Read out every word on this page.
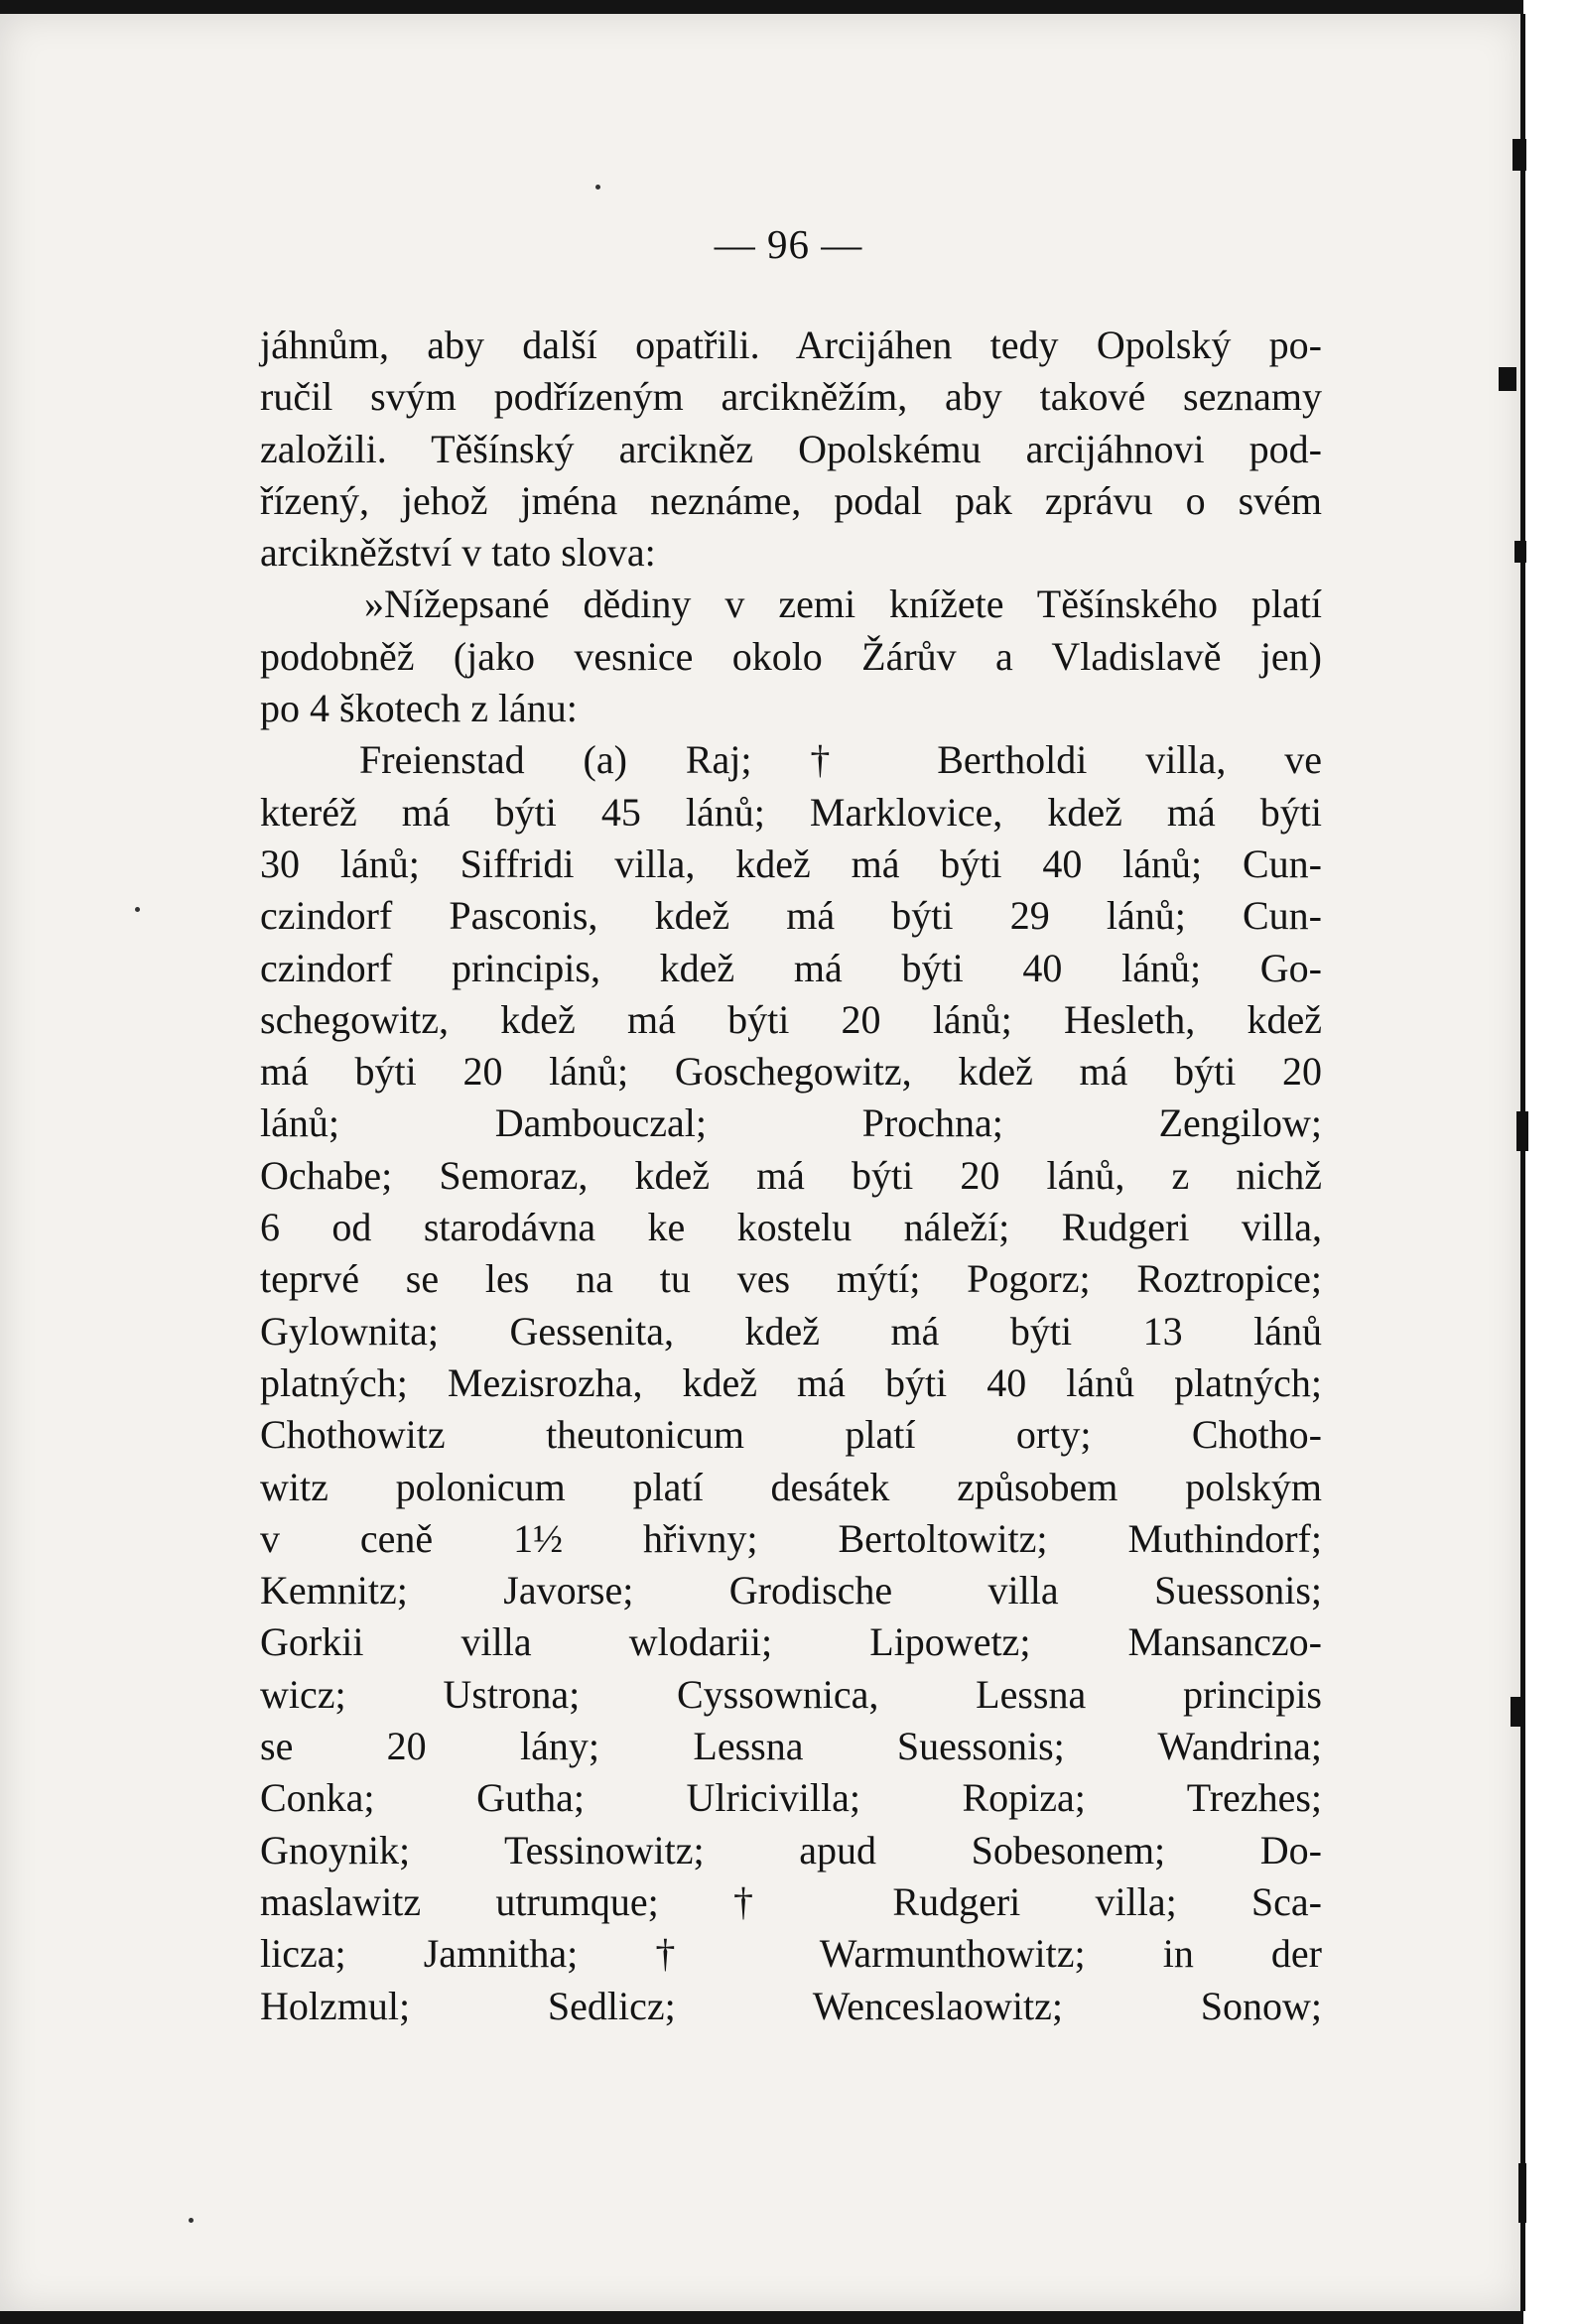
— 96 —
jáhnům, aby další opatřili. Arcijáhen tedy Opolský po-
ručil svým podřízeným arcikněžím, aby takové seznamy
založili. Těšínský arcikněz Opolskému arcijáhnovi pod-
řízený, jehož jména neznáme, podal pak zprávu o svém
arcikněžství v tato slova:
»Nížepsané dědiny v zemi knížete Těšínského platí
podobněž (jako vesnice okolo Žárův a Vladislavě jen)
po 4 škotech z lánu:
Freienstad (a) Raj; † Bertholdi villa, ve
kteréž má býti 45 lánů; Marklovice, kdež má býti
30 lánů; Siffridi villa, kdež má býti 40 lánů; Cun-
czindorf Pasconis, kdež má býti 29 lánů; Cun-
czindorf principis, kdež má býti 40 lánů; Go-
schegowitz, kdež má býti 20 lánů; Hesleth, kdež
má býti 20 lánů; Goschegowitz, kdež má býti 20
lánů; Dambouczal; Prochna; Zengilow;
Ochabe; Semoraz, kdež má býti 20 lánů, z nichž
6 od starodávna ke kostelu náleží; Rudgeri villa,
teprvé se les na tu ves mýtí; Pogorz; Roztropice;
Gylownita; Gessenita, kdež má býti 13 lánů
platných; Mezisrozha, kdež má býti 40 lánů platných;
Chothowitz theutonicum platí orty; Chotho-
witz polonicum platí desátek způsobem polským
v ceně 1½ hřivny; Bertoltowitz; Muthindorf;
Kemnitz; Javorse; Grodische villa Suessonis;
Gorkii villa wlodarii; Lipowetz; Mansanczo-
wicz; Ustrona; Cyssownica, Lessna principis
se 20 lány; Lessna Suessonis; Wandrina;
Conka; Gutha; Ulricivilla; Ropiza; Trezhes;
Gnoynik; Tessinowitz; apud Sobesonem; Do-
maslawitz utrumque; † Rudgeri villa; Sca-
licza; Jamnitha; † Warmunthowitz; in der
Holzmul; Sedlicz; Wenceslaowitz; Sonow;
